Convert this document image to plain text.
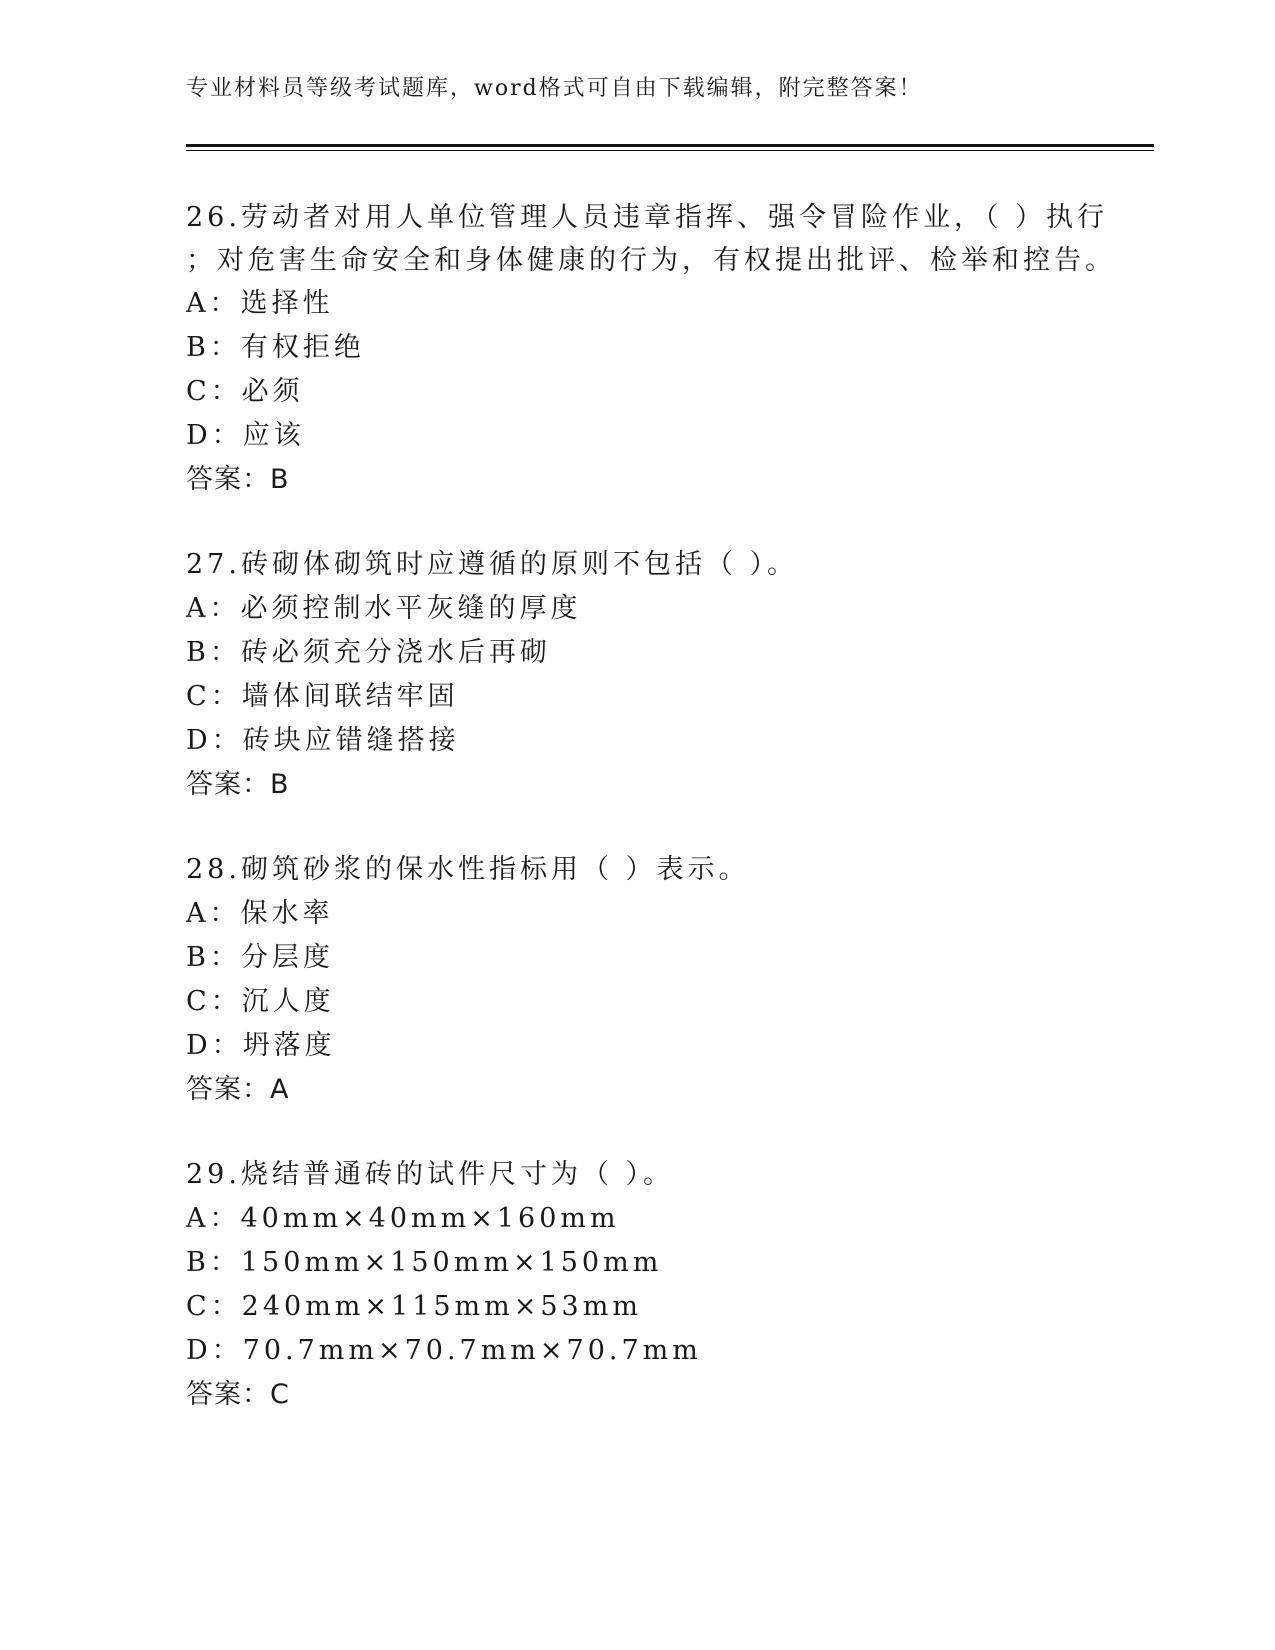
专业材料员等级考试题库，word格式可自由下载编辑，附完整答案！
26.劳动者对用人单位管理人员违章指挥、强令冒险作业，（ ）执行
；对危害生命安全和身体健康的行为，有权提出批评、检举和控告。
A：选择性
B：有权拒绝
C：必须
D：应该
答案：B
27.砖砌体砌筑时应遵循的原则不包括（ ）。
A：必须控制水平灰缝的厚度
B：砖必须充分浇水后再砌
C：墙体间联结牢固
D：砖块应错缝搭接
答案：B
28.砌筑砂浆的保水性指标用（ ）表示。
A：保水率
B：分层度
C：沉人度
D：坍落度
答案：A
29.烧结普通砖的试件尺寸为（ ）。
A：40mm×40mm×160mm
B：150mm×150mm×150mm
C：240mm×115mm×53mm
D：70.7mm×70.7mm×70.7mm
答案：C
